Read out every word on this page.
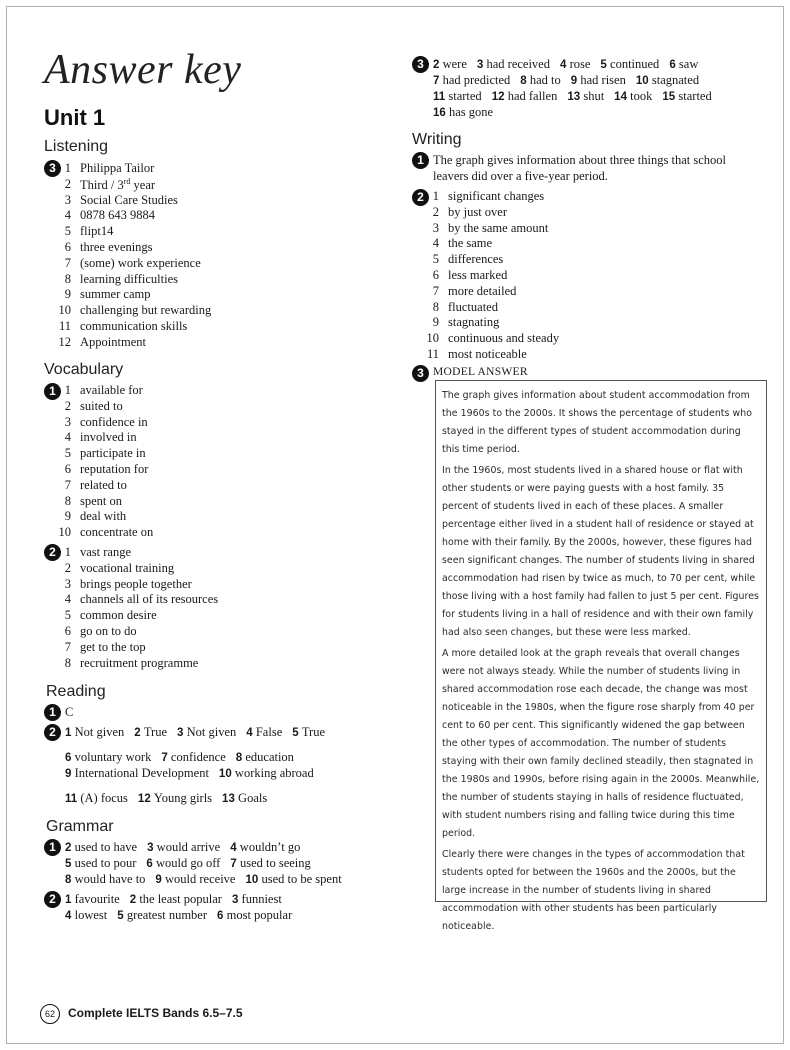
Answer key
Unit 1
Listening
3 1 Philippa Tailor
2 Third / 3rd year
3 Social Care Studies
4 0878 643 9884
5 flipt14
6 three evenings
7 (some) work experience
8 learning difficulties
9 summer camp
10 challenging but rewarding
11 communication skills
12 Appointment
Vocabulary
1 1 available for
2 suited to
3 confidence in
4 involved in
5 participate in
6 reputation for
7 related to
8 spent on
9 deal with
10 concentrate on
2 1 vast range
2 vocational training
3 brings people together
4 channels all of its resources
5 common desire
6 go on to do
7 get to the top
8 recruitment programme
Reading
1 C
2 1 Not given 2 True 3 Not given 4 False 5 True
6 voluntary work 7 confidence 8 education
9 International Development 10 working abroad
11 (A) focus 12 Young girls 13 Goals
Grammar
1 2 used to have 3 would arrive 4 wouldn’t go
5 used to pour 6 would go off 7 used to seeing
8 would have to 9 would receive 10 used to be spent
2 1 favourite 2 the least popular 3 funniest
4 lowest 5 greatest number 6 most popular
3 2 were 3 had received 4 rose 5 continued 6 saw
7 had predicted 8 had to 9 had risen 10 stagnated
11 started 12 had fallen 13 shut 14 took 15 started
16 has gone
Writing
1 The graph gives information about three things that school
leavers did over a five-year period.
2 1 significant changes
2 by just over
3 by the same amount
4 the same
5 differences
6 less marked
7 more detailed
8 fluctuated
9 stagnating
10 continuous and steady
11 most noticeable
3 MODEL ANSWER

The graph gives information about student accommodation from the 1960s to the 2000s. It shows the percentage of students who stayed in the different types of student accommodation during this time period.

In the 1960s, most students lived in a shared house or flat with other students or were paying guests with a host family. 35 percent of students lived in each of these places. A smaller percentage either lived in a student hall of residence or stayed at home with their family. By the 2000s, however, these figures had seen significant changes. The number of students living in shared accommodation had risen by twice as much, to 70 per cent, while those living with a host family had fallen to just 5 per cent. Figures for students living in a hall of residence and with their own family had also seen changes, but these were less marked.

A more detailed look at the graph reveals that overall changes were not always steady. While the number of students living in shared accommodation rose each decade, the change was most noticeable in the 1980s, when the figure rose sharply from 40 per cent to 60 per cent. This significantly widened the gap between the other types of accommodation. The number of students staying with their own family declined steadily, then stagnated in the 1980s and 1990s, before rising again in the 2000s. Meanwhile, the number of students staying in halls of residence fluctuated, with student numbers rising and falling twice during this time period.

Clearly there were changes in the types of accommodation that students opted for between the 1960s and the 2000s, but the large increase in the number of students living in shared accommodation with other students has been particularly noticeable.

62	Complete IELTS Bands 6.5–7.5
